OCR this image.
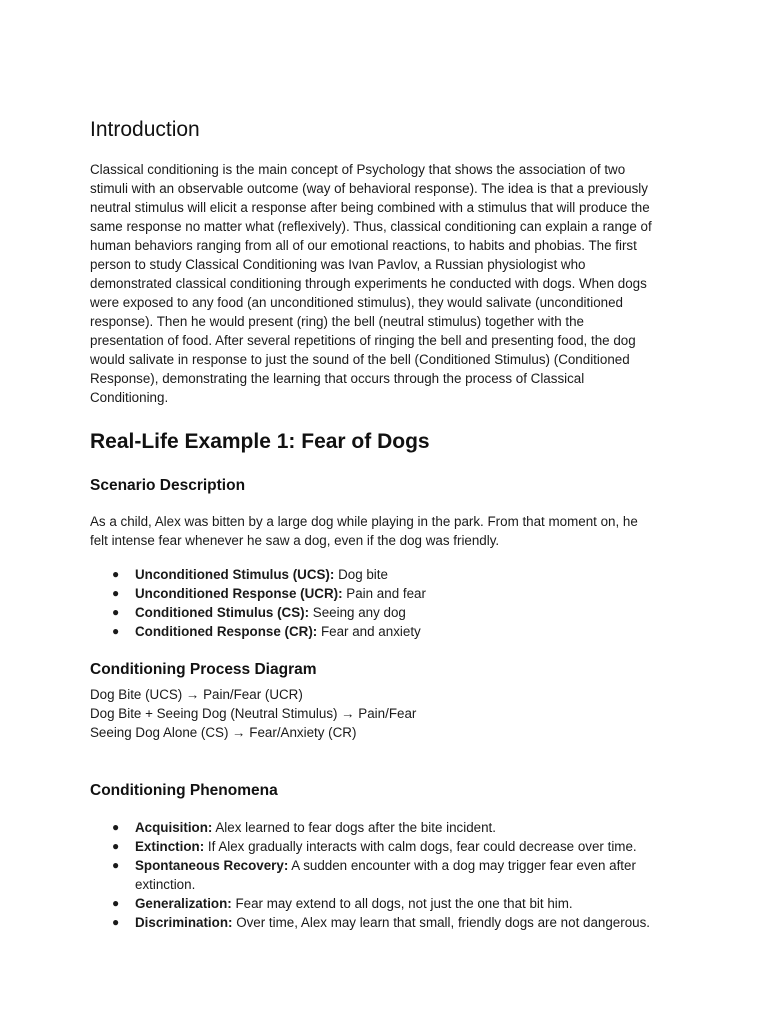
Introduction
Classical conditioning is the main concept of Psychology that shows the association of two
stimuli with an observable outcome (way of behavioral response). The idea is that a previously
neutral stimulus will elicit a response after being combined with a stimulus that will produce the
same response no matter what (reflexively). Thus, classical conditioning can explain a range of
human behaviors ranging from all of our emotional reactions, to habits and phobias. The first
person to study Classical Conditioning was Ivan Pavlov, a Russian physiologist who
demonstrated classical conditioning through experiments he conducted with dogs. When dogs
were exposed to any food (an unconditioned stimulus), they would salivate (unconditioned
response). Then he would present (ring) the bell (neutral stimulus) together with the
presentation of food. After several repetitions of ringing the bell and presenting food, the dog
would salivate in response to just the sound of the bell (Conditioned Stimulus) (Conditioned
Response), demonstrating the learning that occurs through the process of Classical
Conditioning.
Real-Life Example 1: Fear of Dogs
Scenario Description
As a child, Alex was bitten by a large dog while playing in the park. From that moment on, he
felt intense fear whenever he saw a dog, even if the dog was friendly.
● Unconditioned Stimulus (UCS): Dog bite
● Unconditioned Response (UCR): Pain and fear
● Conditioned Stimulus (CS): Seeing any dog
● Conditioned Response (CR): Fear and anxiety
Conditioning Process Diagram
Dog Bite (UCS) → Pain/Fear (UCR)
Dog Bite + Seeing Dog (Neutral Stimulus) → Pain/Fear
Seeing Dog Alone (CS) → Fear/Anxiety (CR)
Conditioning Phenomena
● Acquisition: Alex learned to fear dogs after the bite incident.
● Extinction: If Alex gradually interacts with calm dogs, fear could decrease over time.
● Spontaneous Recovery: A sudden encounter with a dog may trigger fear even after
extinction.
● Generalization: Fear may extend to all dogs, not just the one that bit him.
● Discrimination: Over time, Alex may learn that small, friendly dogs are not dangerous.
